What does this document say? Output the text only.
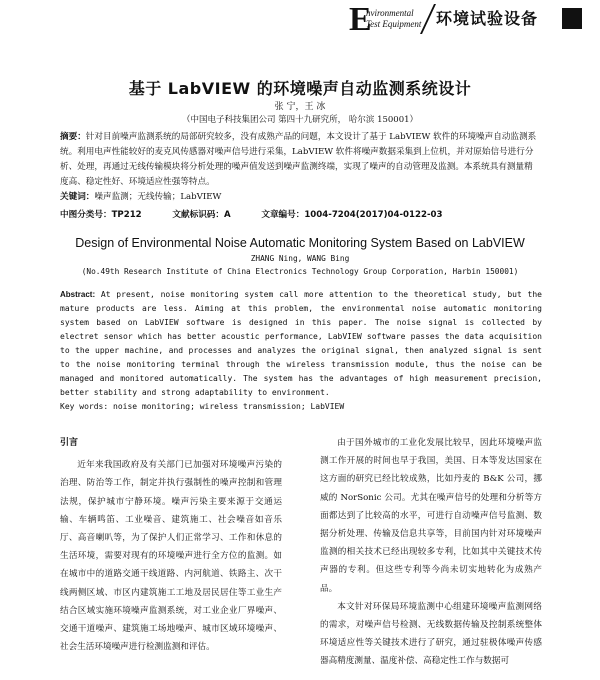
E
nvironmental
Test Equipment 环境试验设备
基于 LabVIEW 的环境噪声自动监测系统设计
张 宁，王 冰
（中国电子科技集团公司 第四十九研究所， 哈尔滨 150001）
摘要：针对目前噪声监测系统的局部研究较多，没有成熟产品的问题，本文设计了基于 LabVIEW 软件的环境噪声自动监测系统。利用电声性能较好的麦克风传感器对噪声信号进行采集，LabVIEW 软件将噪声数据采集到上位机，并对原始信号进行分析、处理，再通过无线传输模块将分析处理的噪声值发送到噪声监测终端，实现了噪声的自动管理及监测。本系统具有测量精度高、稳定性好、环境适应性强等特点。
关键词：噪声监测；无线传输；LabVIEW
中图分类号：TP212	文献标识码：A	文章编号：1004-7204(2017)04-0122-03
Design of Environmental Noise Automatic Monitoring System Based on LabVIEW
ZHANG Ning, WANG Bing
(No.49th Research Institute of China Electronics Technology Group Corporation, Harbin 150001)
Abstract: At present, noise monitoring system call more attention to the theoretical study, but the mature products are less. Aiming at this problem, the environmental noise automatic monitoring system based on LabVIEW software is designed in this paper. The noise signal is collected by electret sensor which has better acoustic performance, LabVIEW software passes the data acquisition to the upper machine, and processes and analyzes the original signal, then analyzed signal is sent to the noise monitoring terminal through the wireless transmission module, thus the noise can be managed and monitored automatically. The system has the advantages of high measurement precision, better stability and strong adaptability to environment.
Key words: noise monitoring; wireless transmission; LabVIEW
引言
近年来我国政府及有关部门已加强对环境噪声污染的治理、防治等工作，制定并执行强制性的噪声控制和管理法规，保护城市宁静环境。噪声污染主要来源于交通运输、车辆鸣笛、工业噪音、建筑施工、社会噪音如音乐厅、高音喇叭等，为了保护人们正常学习、工作和休息的生活环境，需要对现有的环境噪声进行全方位的监测。如在城市中的道路交通干线道路、内河航道、铁路主、次干线两侧区域、市区内建筑施工工地及居民居住等工业生产结合区域实施环境噪声监测系统，对工业企业厂界噪声、交通干道噪声、建筑施工场地噪声、城市区域环境噪声、社会生活环境噪声进行检测监测和评估。
由于国外城市的工业化发展比较早，因此环境噪声监测工作开展的时间也早于我国，美国、日本等发达国家在这方面的研究已经比较成熟，比如丹麦的 B&K 公司，挪威的 NorSonic 公司。尤其在噪声信号的处理和分析等方面都达到了比较高的水平，可进行自动噪声信号监测、数据分析处理、传输及信息共享等，目前国内针对环境噪声监测的相关技术已经出现较多专利，比如其中关键技术传声器的专利。但这些专利等今尚未切实地转化为成熟产品。
本文针对环保局环境监测中心组建环境噪声监测网络的需求，对噪声信号检测、无线数据传输及控制系统整体环境适应性等关键技术进行了研究，通过驻极体噪声传感器高精度测量、温度补偿、高稳定性工作与数据可
